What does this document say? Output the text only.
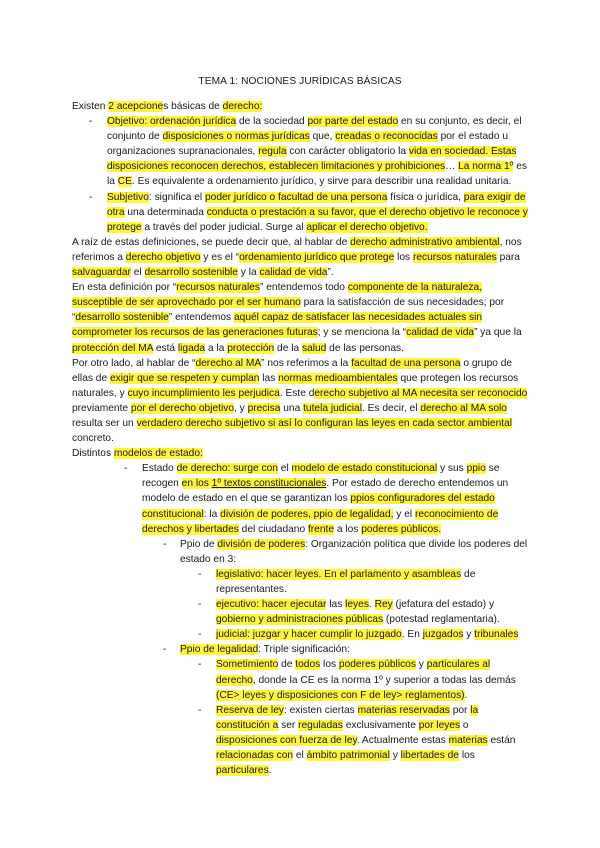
TEMA 1: NOCIONES JURÍDICAS BÁSICAS
Existen 2 acepciones básicas de derecho:
- Objetivo: ordenación jurídica de la sociedad por parte del estado en su conjunto, es decir, el conjunto de disposiciones o normas jurídicas que, creadas o reconocidas por el estado u organizaciones supranacionales, regula con carácter obligatorio la vida en sociedad. Estas disposiciones reconocen derechos, establecen limitaciones y prohibiciones… La norma 1º es la CE. Es equivalente a ordenamiento jurídico, y sirve para describir una realidad unitaria.
- Subjetivo: significa el poder jurídico o facultad de una persona física o jurídica, para exigir de otra una determinada conducta o prestación a su favor, que el derecho objetivo le reconoce y protege a través del poder judicial. Surge al aplicar el derecho objetivo.
A raíz de estas definiciones, se puede decir que, al hablar de derecho administrativo ambiental, nos referimos a derecho objetivo y es el “ordenamiento jurídico que protege los recursos naturales para salvaguardar el desarrollo sostenible y la calidad de vida”.
En esta definición por “recursos naturales” entendemos todo componente de la naturaleza, susceptible de ser aprovechado por el ser humano para la satisfacción de sus necesidades; por “desarrollo sostenible” entendemos aquél capaz de satisfacer las necesidades actuales sin comprometer los recursos de las generaciones futuras; y se menciona la “calidad de vida” ya que la protección del MA está ligada a la protección de la salud de las personas.
Por otro lado, al hablar de “derecho al MA” nos referimos a la facultad de una persona o grupo de ellas de exigir que se respeten y cumplan las normas medioambientales que protegen los recursos naturales, y cuyo incumplimiento les perjudica. Este derecho subjetivo al MA necesita ser reconocido previamente por el derecho objetivo, y precisa una tutela judicial. Es decir, el derecho al MA solo resulta ser un verdadero derecho subjetivo si así lo configuran las leyes en cada sector ambiental concreto.
Distintos modelos de estado:
- Estado de derecho: surge con el modelo de estado constitucional y sus ppio se recogen en los 1º textos constitucionales. Por estado de derecho entendemos un modelo de estado en el que se garantizan los ppios configuradores del estado constitucional: la división de poderes, ppio de legalidad, y el reconocimiento de derechos y libertades del ciudadano frente a los poderes públicos.
- Ppio de división de poderes: Organización política que divide los poderes del estado en 3:
- legislativo: hacer leyes. En el parlamento y asambleas de representantes.
- ejecutivo: hacer ejecutar las leyes. Rey (jefatura del estado) y gobierno y administraciones públicas (potestad reglamentaria).
- judicial: juzgar y hacer cumplir lo juzgado. En juzgados y tribunales
- Ppio de legalidad: Triple significación:
- Sometimiento de todos los poderes públicos y particulares al derecho, donde la CE es la norma 1º y superior a todas las demás (CE> leyes y disposiciones con F de ley> reglamentos).
- Reserva de ley: existen ciertas materias reservadas por la constitución a ser reguladas exclusivamente por leyes o disposiciones con fuerza de ley. Actualmente estas materias están relacionadas con el ámbito patrimonial y libertades de los particulares.
